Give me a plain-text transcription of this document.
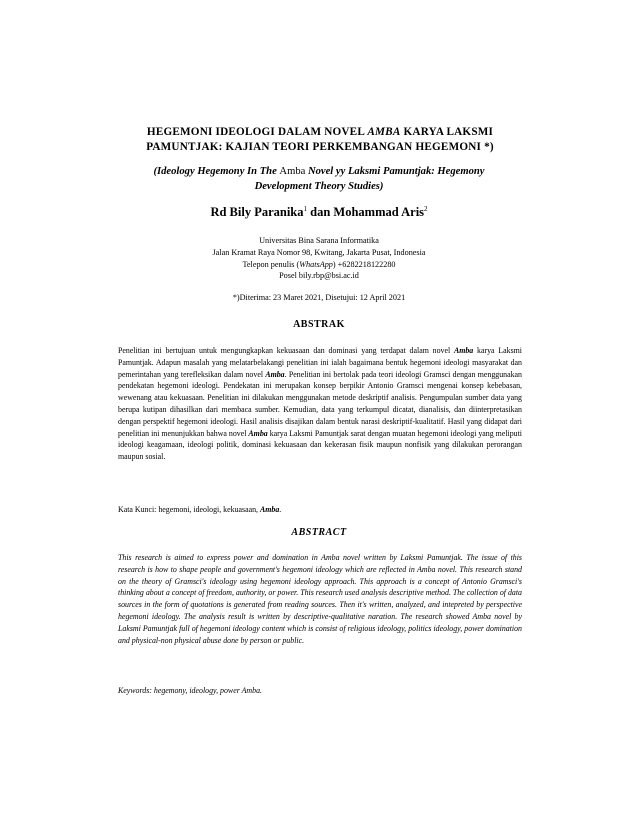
HEGEMONI IDEOLOGI DALAM NOVEL AMBA KARYA LAKSMI PAMUNTJAK: KAJIAN TEORI PERKEMBANGAN HEGEMONI *)
(Ideology Hegemony In The Amba Novel yy Laksmi Pamuntjak: Hegemony Development Theory Studies)
Rd Bily Paranika$^1$ dan Mohammad Aris$^2$
Universitas Bina Sarana Informatika
Jalan Kramat Raya Nomor 98, Kwitang, Jakarta Pusat, Indonesia
Telepon penulis (WhatsApp) +6282218122280
Posel bily.rbp@bsi.ac.id
*)Diterima: 23 Maret 2021, Disetujui: 12 April 2021
ABSTRAK
Penelitian ini bertujuan untuk mengungkapkan kekuasaan dan dominasi yang terdapat dalam novel Amba karya Laksmi Pamuntjak. Adapun masalah yang melatarbelakangi penelitian ini ialah bagaimana bentuk hegemoni ideologi masyarakat dan pemerintahan yang terefleksikan dalam novel Amba. Penelitian ini bertolak pada teori ideologi Gramsci dengan menggunakan pendekatan hegemoni ideologi. Pendekatan ini merupakan konsep berpikir Antonio Gramsci mengenai konsep kebebasan, wewenang atau kekuasaan. Penelitian ini dilakukan menggunakan metode deskriptif analisis. Pengumpulan sumber data yang berupa kutipan dihasilkan dari membaca sumber. Kemudian, data yang terkumpul dicatat, dianalisis, dan diinterpretasikan dengan perspektif hegemoni ideologi. Hasil analisis disajikan dalam bentuk narasi deskriptif-kualitatif. Hasil yang didapat dari penelitian ini menunjukkan bahwa novel Amba karya Laksmi Pamuntjak sarat dengan muatan hegemoni ideologi yang meliputi ideologi keagamaan, ideologi politik, dominasi kekuasaan dan kekerasan fisik maupun nonfisik yang dilakukan perorangan maupun sosial.
Kata Kunci: hegemoni, ideologi, kekuasaan, Amba.
ABSTRACT
This research is aimed to express power and domination in Amba novel written by Laksmi Pamuntjak. The issue of this research is how to shape people and government's hegemoni ideology which are reflected in Amba novel. This research stand on the theory of Gramsci's ideology using hegemoni ideology approach. This approach is a concept of Antonio Gramsci's thinking about a concept of freedom, authority, or power. This research used analysis descriptive method. The collection of data sources in the form of quotations is generated from reading sources. Then it's written, analyzed, and intepreted by perspective hegemoni ideology. The analysis result is written by descriptive-qualitative naration. The research showed Amba novel by Laksmi Pamuntjak full of hegemoni ideology content which is consist of religious ideology, politics ideology, power domination and physical-non physical abuse done by person or public.
Keywords: hegemony, ideology, power Amba.
